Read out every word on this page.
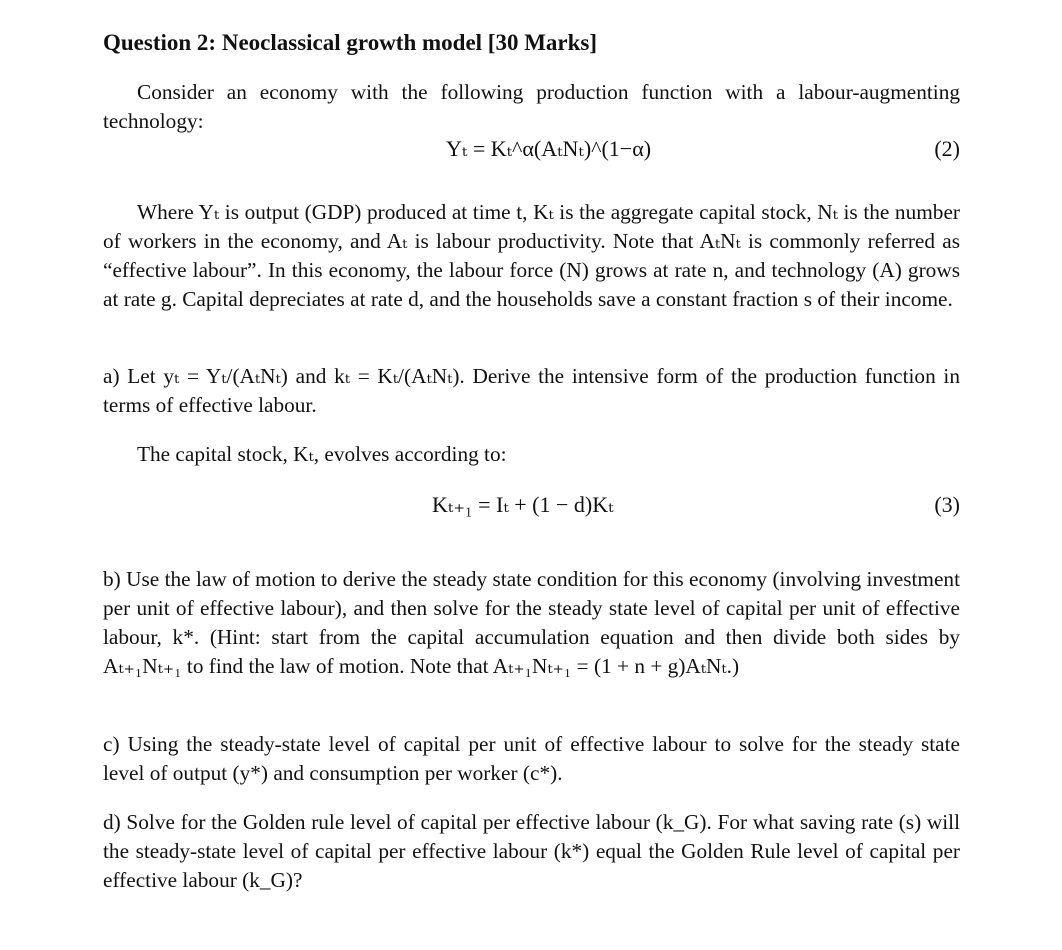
Question 2: Neoclassical growth model [30 Marks]
Consider an economy with the following production function with a labour-augmenting technology:
Yₜ = Kₜ^α(AₜNₜ)^(1−α)	(2)
Where Yₜ is output (GDP) produced at time t, Kₜ is the aggregate capital stock, Nₜ is the number of workers in the economy, and Aₜ is labour productivity. Note that AₜNₜ is commonly referred as “effective labour”. In this economy, the labour force (N) grows at rate n, and technology (A) grows at rate g. Capital depreciates at rate d, and the households save a constant fraction s of their income.
a) Let yₜ = Yₜ/(AₜNₜ) and kₜ = Kₜ/(AₜNₜ). Derive the intensive form of the production function in terms of effective labour.
The capital stock, Kₜ, evolves according to:
Kₜ₊₁ = Iₜ + (1 − d)Kₜ	(3)
b) Use the law of motion to derive the steady state condition for this economy (involving investment per unit of effective labour), and then solve for the steady state level of capital per unit of effective labour, k*. (Hint: start from the capital accumulation equation and then divide both sides by Aₜ₊₁Nₜ₊₁ to find the law of motion. Note that Aₜ₊₁Nₜ₊₁ = (1 + n + g)AₜNₜ.)
c) Using the steady-state level of capital per unit of effective labour to solve for the steady state level of output (y*) and consumption per worker (c*).
d) Solve for the Golden rule level of capital per effective labour (k_G). For what saving rate (s) will the steady-state level of capital per effective labour (k*) equal the Golden Rule level of capital per effective labour (k_G)?
